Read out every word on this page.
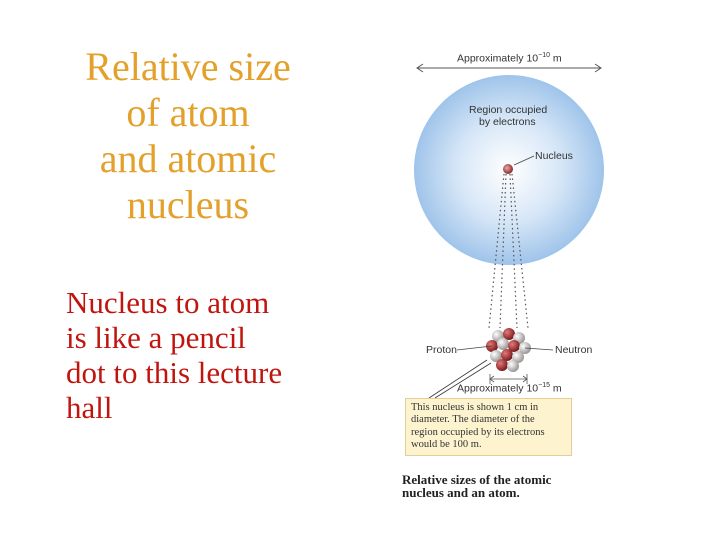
Relative size
of atom
and atomic
nucleus
Nucleus to atom
is like a pencil
dot to this lecture
hall
Approximately $10^{-10}$ m
Region occupied
by electrons
Nucleus
Proton	Neutron
Approximately $10^{-15}$ m
This nucleus is shown 1 cm in
diameter. The diameter of the
region occupied by its electrons
would be 100 m.
Relative sizes of the atomic
nucleus and an atom.
